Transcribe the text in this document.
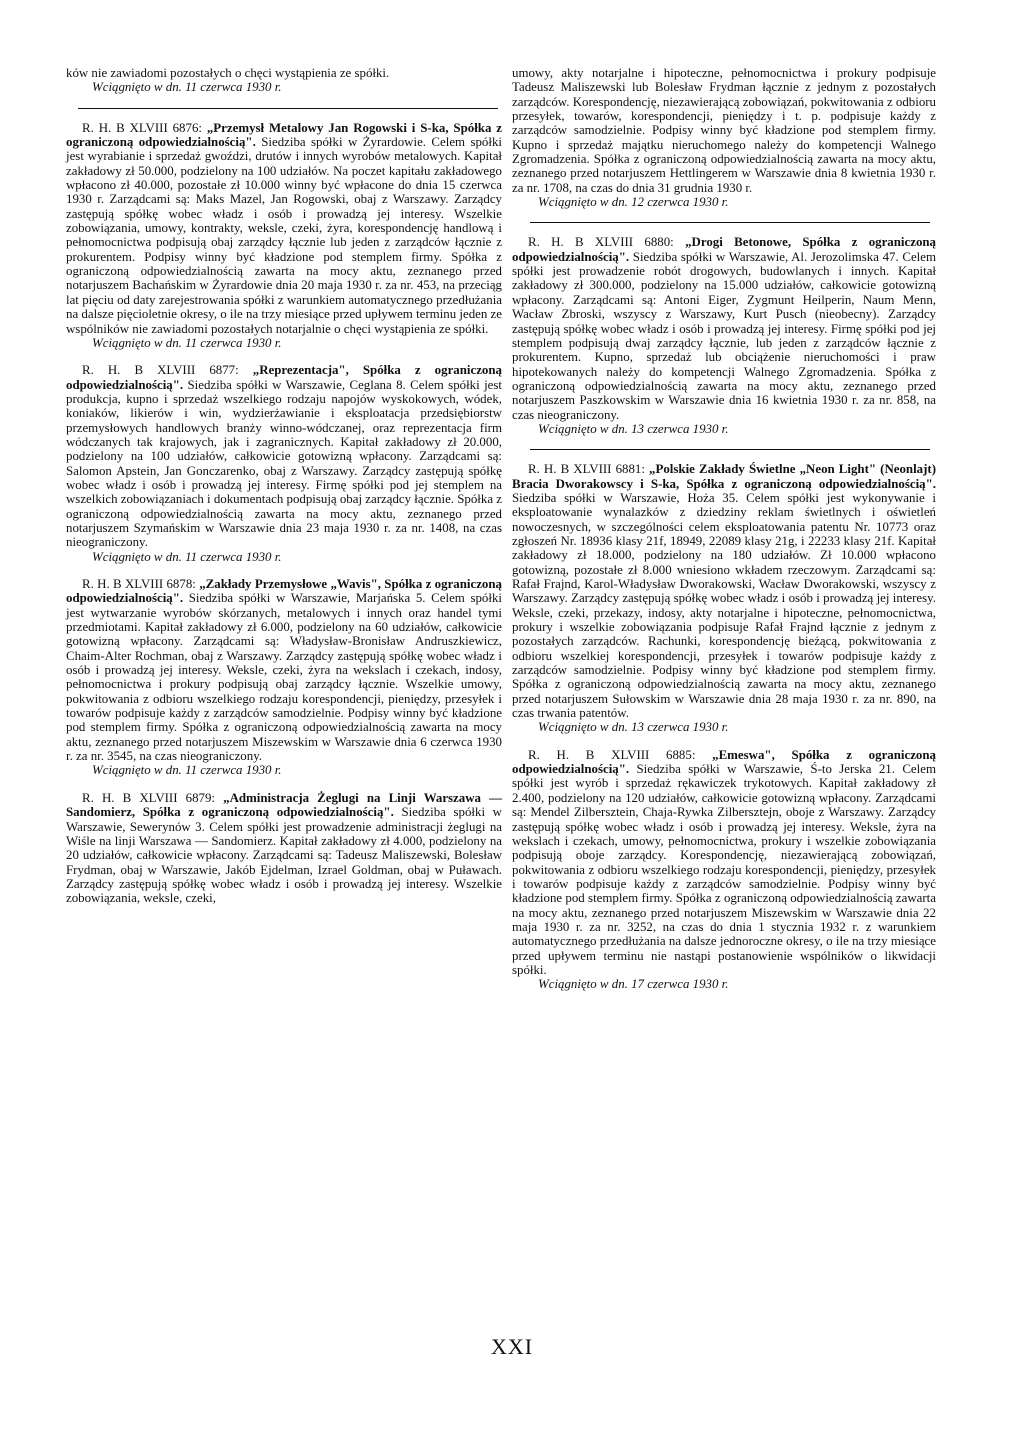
ków nie zawiadomi pozostałych o chęci wystąpienia ze spółki.

Wciągnięto w dn. 11 czerwca 1930 r.

R. H. B XLVIII 6876: „Przemysł Metalowy Jan Rogowski i S-ka, Spółka z ograniczoną odpowiedzialnością". Siedziba spółki w Żyrardowie. Celem spółki jest wyrabianie i sprzedaż gwoździ, drutów i innych wyrobów metalowych. Kapitał zakładowy zł 50.000, podzielony na 100 udziałów. Na poczet kapitału zakładowego wpłacono zł 40.000, pozostałe zł 10.000 winny być wpłacone do dnia 15 czerwca 1930 r. Zarządcami są: Maks Mazel, Jan Rogowski, obaj z Warszawy. Zarządcy zastępują spółkę wobec władz i osób i prowadzą jej interesy. Wszelkie zobowiązania, umowy, kontrakty, weksle, czeki, żyra, korespondencję handlową i pełnomocnictwa podpisują obaj zarządcy łącznie lub jeden z zarządców łącznie z prokurentem. Podpisy winny być kładzione pod stemplem firmy. Spółka z ograniczoną odpowiedzialnością zawarta na mocy aktu, zeznanego przed notarjuszem Bachańskim w Żyrardowie dnia 20 maja 1930 r. za nr. 453, na przeciąg lat pięciu od daty zarejestrowania spółki z warunkiem automatycznego przedłużania na dalsze pięcioletnie okresy, o ile na trzy miesiące przed upływem terminu jeden ze wspólników nie zawiadomi pozostałych notarjalnie o chęci wystąpienia ze spółki.

Wciągnięto w dn. 11 czerwca 1930 r.

R. H. B XLVIII 6877: „Reprezentacja", Spółka z ograniczoną odpowiedzialnością". Siedziba spółki w Warszawie, Ceglana 8. Celem spółki jest produkcja, kupno i sprzedaż wszelkiego rodzaju napojów wyskokowych, wódek, koniaków, likierów i win, wydzierżawianie i eksploatacja przedsiębiorstw przemysłowych handlowych branży winno-wódczanej, oraz reprezentacja firm wódczanych tak krajowych, jak i zagranicznych. Kapitał zakładowy zł 20.000, podzielony na 100 udziałów, całkowicie gotowizną wpłacony. Zarządcami są: Salomon Apstein, Jan Gonczarenko, obaj z Warszawy. Zarządcy zastępują spółkę wobec władz i osób i prowadzą jej interesy. Firmę spółki pod jej stemplem na wszelkich zobowiązaniach i dokumentach podpisują obaj zarządcy łącznie. Spółka z ograniczoną odpowiedzialnością zawarta na mocy aktu, zeznanego przed notarjuszem Szymańskim w Warszawie dnia 23 maja 1930 r. za nr. 1408, na czas nieograniczony.

Wciągnięto w dn. 11 czerwca 1930 r.

R. H. B XLVIII 6878: „Zakłady Przemysłowe „Wavis", Spółka z ograniczoną odpowiedzialnością". Siedziba spółki w Warszawie, Marjańska 5. Celem spółki jest wytwarzanie wyrobów skórzanych, metalowych i innych oraz handel tymi przedmiotami. Kapitał zakładowy zł 6.000, podzielony na 60 udziałów, całkowicie gotowizną wpłacony. Zarządcami są: Władysław-Bronisław Andruszkiewicz, Chaim-Alter Rochman, obaj z Warszawy. Zarządcy zastępują spółkę wobec władz i osób i prowadzą jej interesy. Weksle, czeki, żyra na wekslach i czekach, indosy, pełnomocnictwa i prokury podpisują obaj zarządcy łącznie. Wszelkie umowy, pokwitowania z odbioru wszelkiego rodzaju korespondencji, pieniędzy, przesyłek i towarów podpisuje każdy z zarządców samodzielnie. Podpisy winny być kładzione pod stemplem firmy. Spółka z ograniczoną odpowiedzialnością zawarta na mocy aktu, zeznanego przed notarjuszem Miszewskim w Warszawie dnia 6 czerwca 1930 r. za nr. 3545, na czas nieograniczony.

Wciągnięto w dn. 11 czerwca 1930 r.

R. H. B XLVIII 6879: „Administracja Żeglugi na Linji Warszawa — Sandomierz, Spółka z ograniczoną odpowiedzialnością". Siedziba spółki w Warszawie, Sewerynów 3. Celem spółki jest prowadzenie administracji żeglugi na Wiśle na linji Warszawa — Sandomierz. Kapitał zakładowy zł 4.000, podzielony na 20 udziałów, całkowicie wpłacony. Zarządcami są: Tadeusz Maliszewski, Bolesław Frydman, obaj w Warszawie, Jakób Ejdelman, Izrael Goldman, obaj w Puławach. Zarządcy zastępują spółkę wobec władz i osób i prowadzą jej interesy. Wszelkie zobowiązania, weksle, czeki,

umowy, akty notarjalne i hipoteczne, pełnomocnictwa i prokury podpisuje Tadeusz Maliszewski lub Bolesław Frydman łącznie z jednym z pozostałych zarządców. Korespondencję, niezawierającą zobowiązań, pokwitowania z odbioru przesyłek, towarów, korespondencji, pieniędzy i t. p. podpisuje każdy z zarządców samodzielnie. Podpisy winny być kładzione pod stemplem firmy. Kupno i sprzedaż majątku nieruchomego należy do kompetencji Walnego Zgromadzenia. Spółka z ograniczoną odpowiedzialnością zawarta na mocy aktu, zeznanego przed notarjuszem Hettlingerem w Warszawie dnia 8 kwietnia 1930 r. za nr. 1708, na czas do dnia 31 grudnia 1930 r.

Wciągnięto w dn. 12 czerwca 1930 r.

R. H. B XLVIII 6880: „Drogi Betonowe, Spółka z ograniczoną odpowiedzialnością". Siedziba spółki w Warszawie, Al. Jerozolimska 47. Celem spółki jest prowadzenie robót drogowych, budowlanych i innych. Kapitał zakładowy zł 300.000, podzielony na 15.000 udziałów, całkowicie gotowizną wpłacony. Zarządcami są: Antoni Eiger, Zygmunt Heilperin, Naum Menn, Wacław Zbroski, wszyscy z Warszawy, Kurt Pusch (nieobecny). Zarządcy zastępują spółkę wobec władz i osób i prowadzą jej interesy. Firmę spółki pod jej stemplem podpisują dwaj zarządcy łącznie, lub jeden z zarządców łącznie z prokurentem. Kupno, sprzedaż lub obciążenie nieruchomości i praw hipotekowanych należy do kompetencji Walnego Zgromadzenia. Spółka z ograniczoną odpowiedzialnością zawarta na mocy aktu, zeznanego przed notarjuszem Paszkowskim w Warszawie dnia 16 kwietnia 1930 r. za nr. 858, na czas nieograniczony.

Wciągnięto w dn. 13 czerwca 1930 r.

R. H. B XLVIII 6881: „Polskie Zakłady Świetlne „Neon Light" (Neonlajt) Bracia Dworakowscy i S-ka, Spółka z ograniczoną odpowiedzialnością". Siedziba spółki w Warszawie, Hoża 35. Celem spółki jest wykonywanie i eksploatowanie wynalazków z dziedziny reklam świetlnych i oświetleń nowoczesnych, w szczególności celem eksploatowania patentu Nr. 10773 oraz zgłoszeń Nr. 18936 klasy 21f, 18949, 22089 klasy 21g, i 22233 klasy 21f. Kapitał zakładowy zł 18.000, podzielony na 180 udziałów. Zł 10.000 wpłacono gotowizną, pozostałe zł 8.000 wniesiono wkładem rzeczowym. Zarządcami są: Rafał Frajnd, Karol-Władysław Dworakowski, Wacław Dworakowski, wszyscy z Warszawy. Zarządcy zastępują spółkę wobec władz i osób i prowadzą jej interesy. Weksle, czeki, przekazy, indosy, akty notarjalne i hipoteczne, pełnomocnictwa, prokury i wszelkie zobowiązania podpisuje Rafał Frajnd łącznie z jednym z pozostałych zarządców. Rachunki, korespondencję bieżącą, pokwitowania z odbioru wszelkiej korespondencji, przesyłek i towarów podpisuje każdy z zarządców samodzielnie. Podpisy winny być kładzione pod stemplem firmy. Spółka z ograniczoną odpowiedzialnością zawarta na mocy aktu, zeznanego przed notarjuszem Sułowskim w Warszawie dnia 28 maja 1930 r. za nr. 890, na czas trwania patentów.

Wciągnięto w dn. 13 czerwca 1930 r.

R. H. B XLVIII 6885: „Emeswa", Spółka z ograniczoną odpowiedzialnością". Siedziba spółki w Warszawie, Ś-to Jerska 21. Celem spółki jest wyrób i sprzedaż rękawiczek trykotowych. Kapitał zakładowy zł 2.400, podzielony na 120 udziałów, całkowicie gotowizną wpłacony. Zarządcami są: Mendel Zilbersztein, Chaja-Rywka Zilbersztejn, oboje z Warszawy. Zarządcy zastępują spółkę wobec władz i osób i prowadzą jej interesy. Weksle, żyra na wekslach i czekach, umowy, pełnomocnictwa, prokury i wszelkie zobowiązania podpisują oboje zarządcy. Korespondencję, niezawierającą zobowiązań, pokwitowania z odbioru wszelkiego rodzaju korespondencji, pieniędzy, przesyłek i towarów podpisuje każdy z zarządców samodzielnie. Podpisy winny być kładzione pod stemplem firmy. Spółka z ograniczoną odpowiedzialnością zawarta na mocy aktu, zeznanego przed notarjuszem Miszewskim w Warszawie dnia 22 maja 1930 r. za nr. 3252, na czas do dnia 1 stycznia 1932 r. z warunkiem automatycznego przedłużania na dalsze jednoroczne okresy, o ile na trzy miesiące przed upływem terminu nie nastąpi postanowienie wspólników o likwidacji spółki.

Wciągnięto w dn. 17 czerwca 1930 r.

XXI
